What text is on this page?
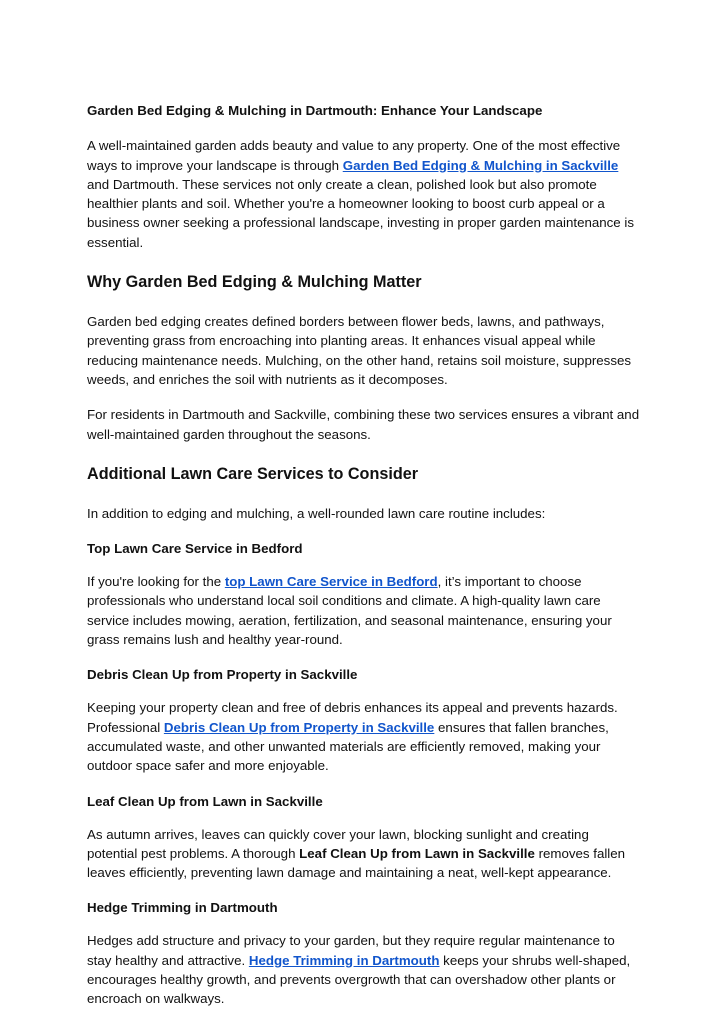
Garden Bed Edging & Mulching in Dartmouth: Enhance Your Landscape

A well-maintained garden adds beauty and value to any property. One of the most effective ways to improve your landscape is through Garden Bed Edging & Mulching in Sackville and Dartmouth. These services not only create a clean, polished look but also promote healthier plants and soil. Whether you're a homeowner looking to boost curb appeal or a business owner seeking a professional landscape, investing in proper garden maintenance is essential.

Why Garden Bed Edging & Mulching Matter

Garden bed edging creates defined borders between flower beds, lawns, and pathways, preventing grass from encroaching into planting areas. It enhances visual appeal while reducing maintenance needs. Mulching, on the other hand, retains soil moisture, suppresses weeds, and enriches the soil with nutrients as it decomposes.

For residents in Dartmouth and Sackville, combining these two services ensures a vibrant and well-maintained garden throughout the seasons.

Additional Lawn Care Services to Consider

In addition to edging and mulching, a well-rounded lawn care routine includes:

Top Lawn Care Service in Bedford

If you're looking for the top Lawn Care Service in Bedford, it’s important to choose professionals who understand local soil conditions and climate. A high-quality lawn care service includes mowing, aeration, fertilization, and seasonal maintenance, ensuring your grass remains lush and healthy year-round.

Debris Clean Up from Property in Sackville

Keeping your property clean and free of debris enhances its appeal and prevents hazards. Professional Debris Clean Up from Property in Sackville ensures that fallen branches, accumulated waste, and other unwanted materials are efficiently removed, making your outdoor space safer and more enjoyable.

Leaf Clean Up from Lawn in Sackville

As autumn arrives, leaves can quickly cover your lawn, blocking sunlight and creating potential pest problems. A thorough Leaf Clean Up from Lawn in Sackville removes fallen leaves efficiently, preventing lawn damage and maintaining a neat, well-kept appearance.

Hedge Trimming in Dartmouth

Hedges add structure and privacy to your garden, but they require regular maintenance to stay healthy and attractive. Hedge Trimming in Dartmouth keeps your shrubs well-shaped, encourages healthy growth, and prevents overgrowth that can overshadow other plants or encroach on walkways.
